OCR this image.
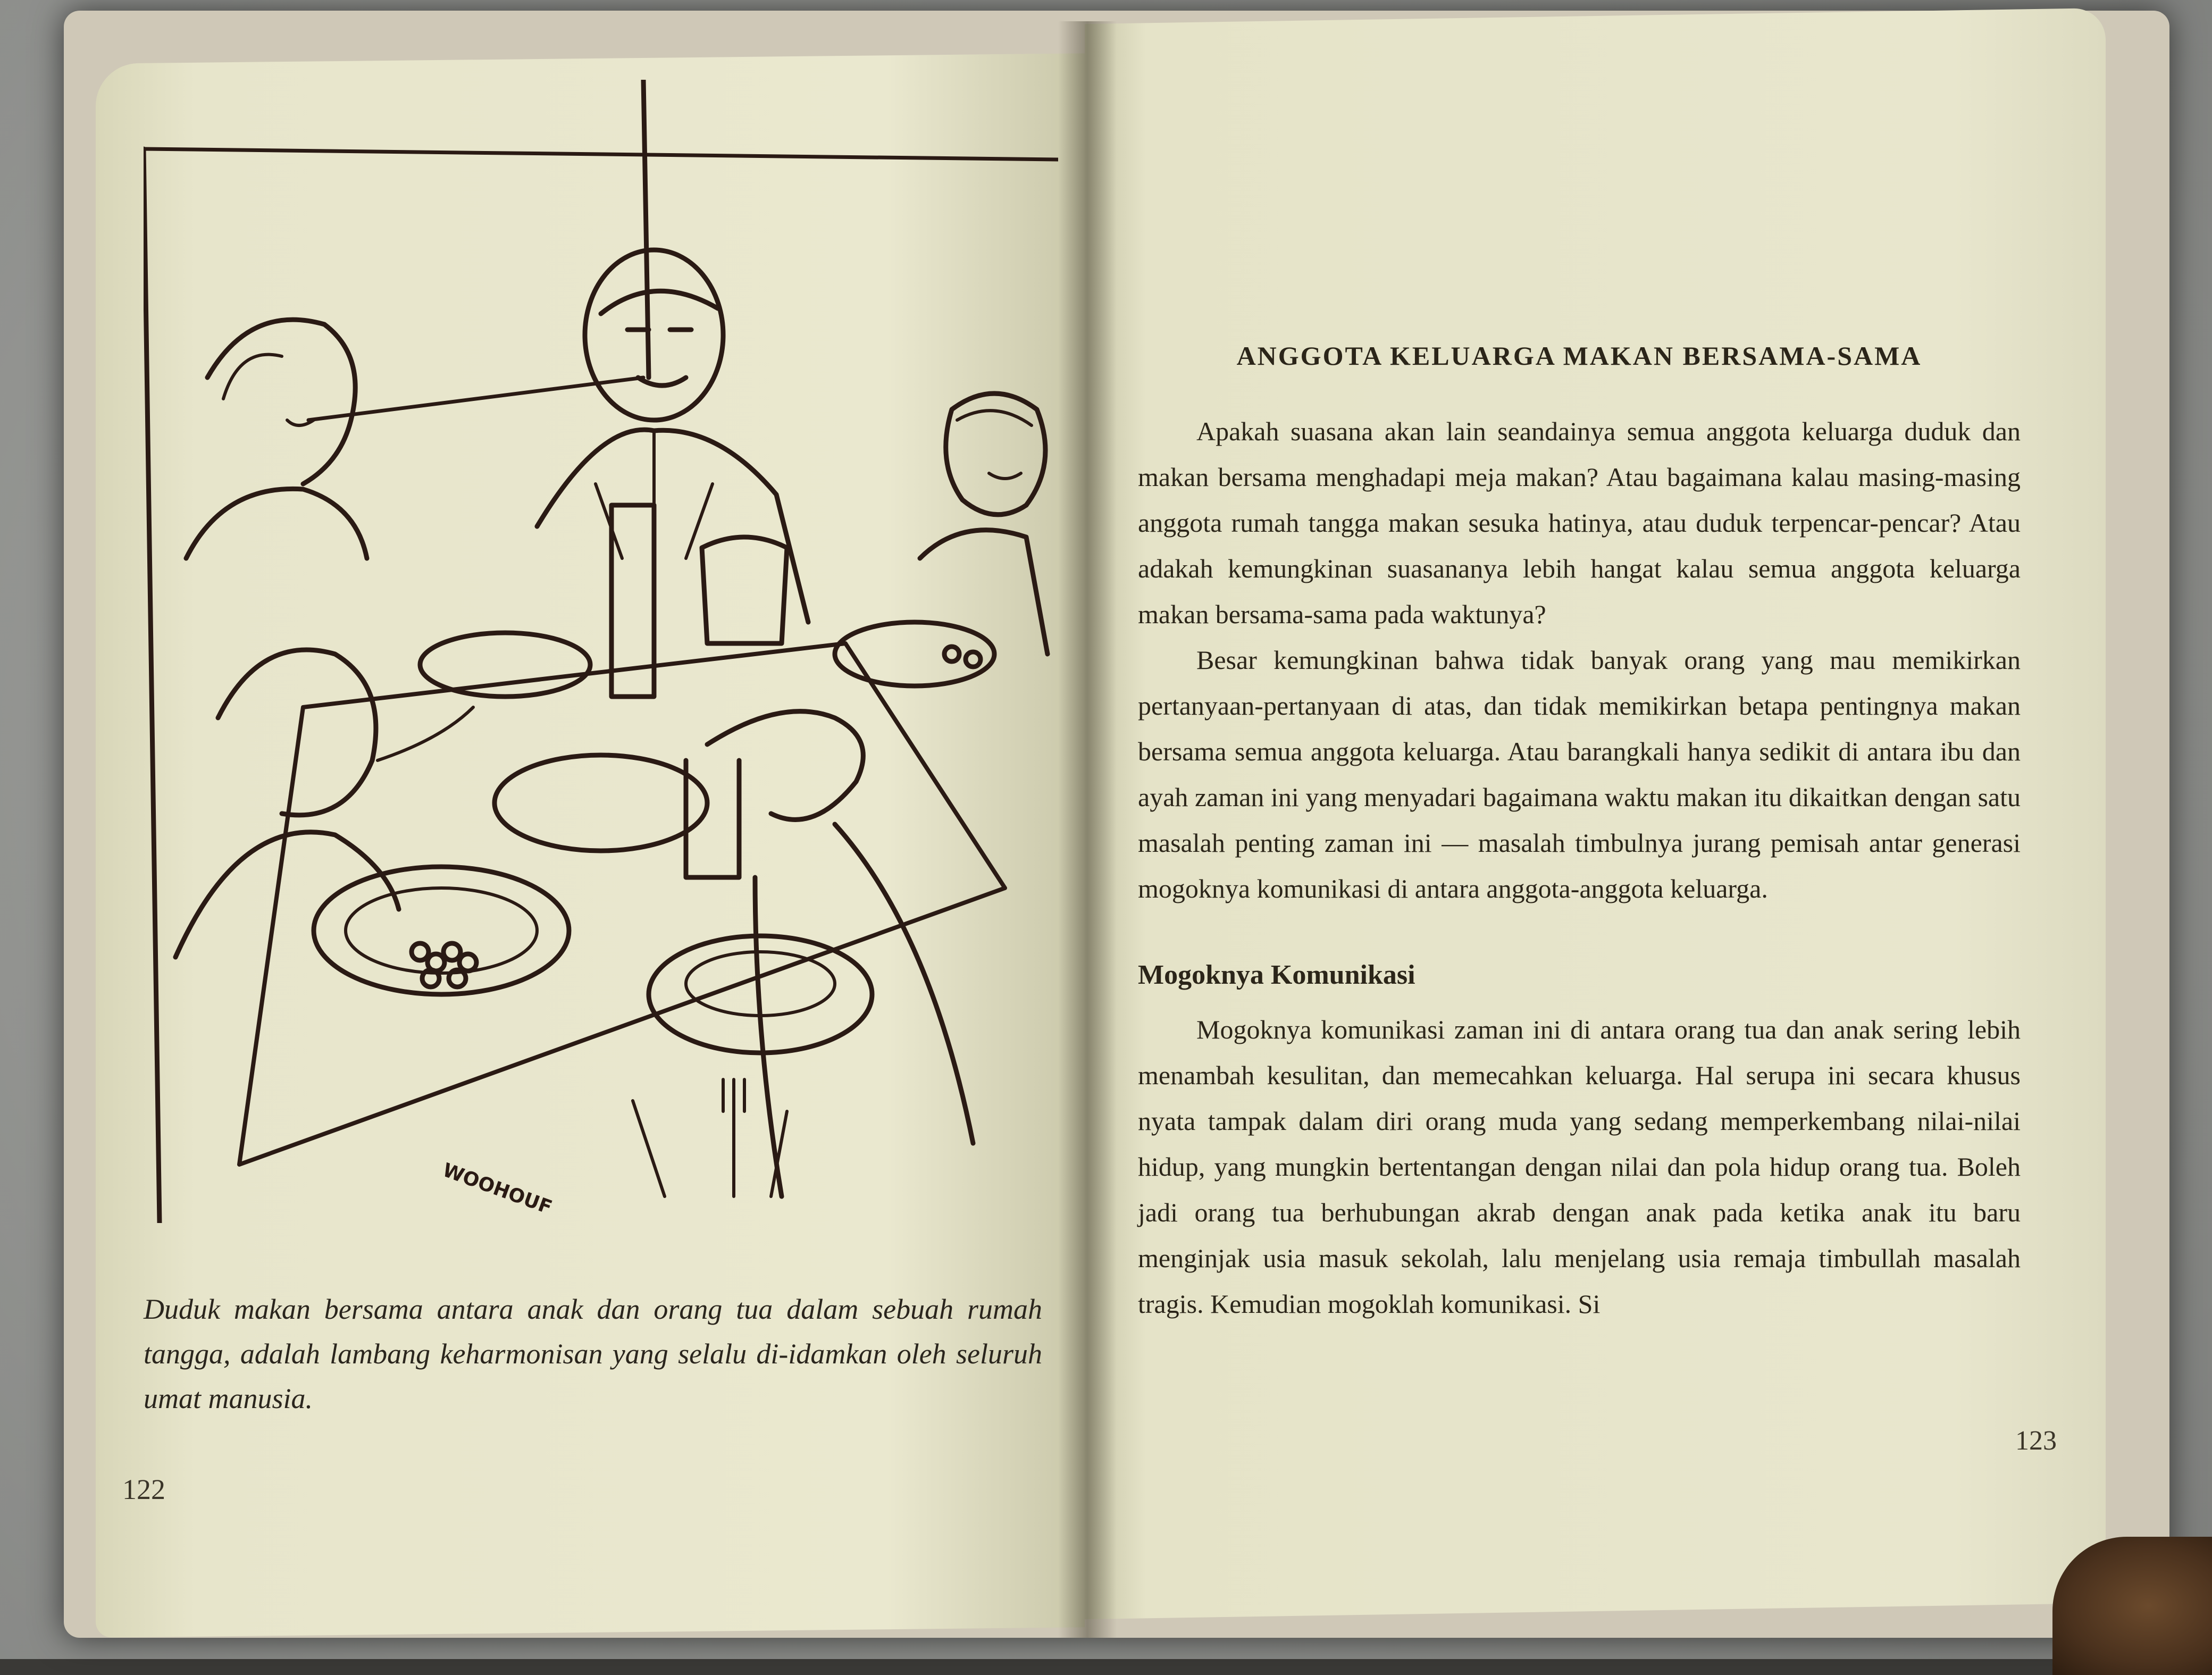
WOOHOUF
Duduk makan bersama antara anak dan orang tua dalam sebuah rumah tangga, adalah lambang keharmonisan yang selalu di-idamkan oleh seluruh umat manusia.
122
ANGGOTA KELUARGA MAKAN BERSAMA-SAMA

Apakah suasana akan lain seandainya semua anggota keluarga duduk dan makan bersama menghadapi meja makan? Atau bagaimana kalau masing-masing anggota rumah tangga makan sesuka hatinya, atau duduk terpencar-pencar? Atau adakah kemungkinan suasananya lebih hangat kalau semua anggota keluarga makan bersama-sama pada waktunya?

Besar kemungkinan bahwa tidak banyak orang yang mau memikirkan pertanyaan-pertanyaan di atas, dan tidak memikirkan betapa pentingnya makan bersama semua anggota keluarga. Atau barangkali hanya sedikit di antara ibu dan ayah zaman ini yang menyadari bagaimana waktu makan itu dikaitkan dengan satu masalah penting zaman ini — masalah timbulnya jurang pemisah antar generasi mogoknya komunikasi di antara anggota-anggota keluarga.

Mogoknya Komunikasi

Mogoknya komunikasi zaman ini di antara orang tua dan anak sering lebih menambah kesulitan, dan memecahkan keluarga. Hal serupa ini secara khusus nyata tampak dalam diri orang muda yang sedang memperkembang nilai-nilai hidup, yang mungkin bertentangan dengan nilai dan pola hidup orang tua. Boleh jadi orang tua berhubungan akrab dengan anak pada ketika anak itu baru menginjak usia masuk sekolah, lalu menjelang usia remaja timbullah masalah tragis. Kemudian mogoklah komunikasi. Si

123
